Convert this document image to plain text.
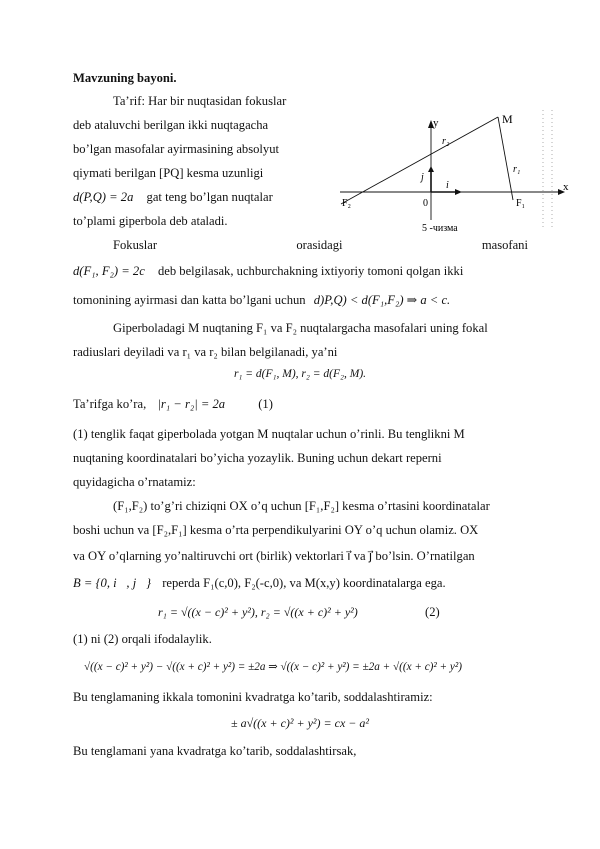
Mavzuning bayoni.
Ta’rif: Har bir nuqtasidan fokuslar
deb ataluvchi berilgan ikki nuqtagacha
bo’lgan masofalar ayirmasining absolyut
qiymati berilgan [PQ] kesma uzunligi
d(P,Q) = 2a gat teng bo’lgan nuqtalar
to’plami giperbola deb ataladi.
y
x
M
r₂
r₁
j
i
F₂	F₁
0
5 -чизма
Fokuslar	orasidagi	masofani
d(F₁, F₂) = 2c deb belgilasak, uchburchakning ixtiyoriy tomoni qolgan ikki
tomonining ayirmasi dan katta bo’lgani uchun d)P,Q) < d(F₁,F₂) ⇒ a < c.
Giperboladagi M nuqtaning F₁ va F₂ nuqtalargacha masofalari uning fokal
radiuslari deyiladi va r₁ va r₂ bilan belgilanadi, ya’ni
r₁ = d(F₁, M), r₂ = d(F₂, M).
Ta’rifga ko’ra, |r₁ − r₂| = 2a	(1)
(1) tenglik faqat giperbolada yotgan M nuqtalar uchun o’rinli. Bu tenglikni M
nuqtaning koordinatalari bo’yicha yozaylik. Buning uchun dekart reperni
quyidagicha o’rnatamiz:
(F₁,F₂) to’g’ri chiziqni OX o’q uchun [F₁,F₂] kesma o’rtasini koordinatalar
boshi uchun va [F₂,F₁] kesma o’rta perpendikulyarini OY o’q uchun olamiz. OX
va OY o’qlarning yo’naltiruvchi ort (birlik) vektorlari i⃗ va j⃗ bo’lsin. O’rnatilgan
B = {0, i⃗, j⃗} reperda F₁(c,0), F₂(-c,0), va M(x,y) koordinatalarga ega.
r₁ = √((x − c)² + y²), r₂ = √((x + c)² + y²)	(2)
(1) ni (2) orqali ifodalaylik.
√((x − c)² + y²) − √((x + c)² + y²) = ±2a ⇒ √((x − c)² + y²) = ±2a + √((x + c)² + y²)
Bu tenglamaning ikkala tomonini kvadratga ko’tarib, soddalashtiramiz:
± a√((x + c)² + y²) = cx − a²
Bu tenglamani yana kvadratga ko’tarib, soddalashtirsak,
